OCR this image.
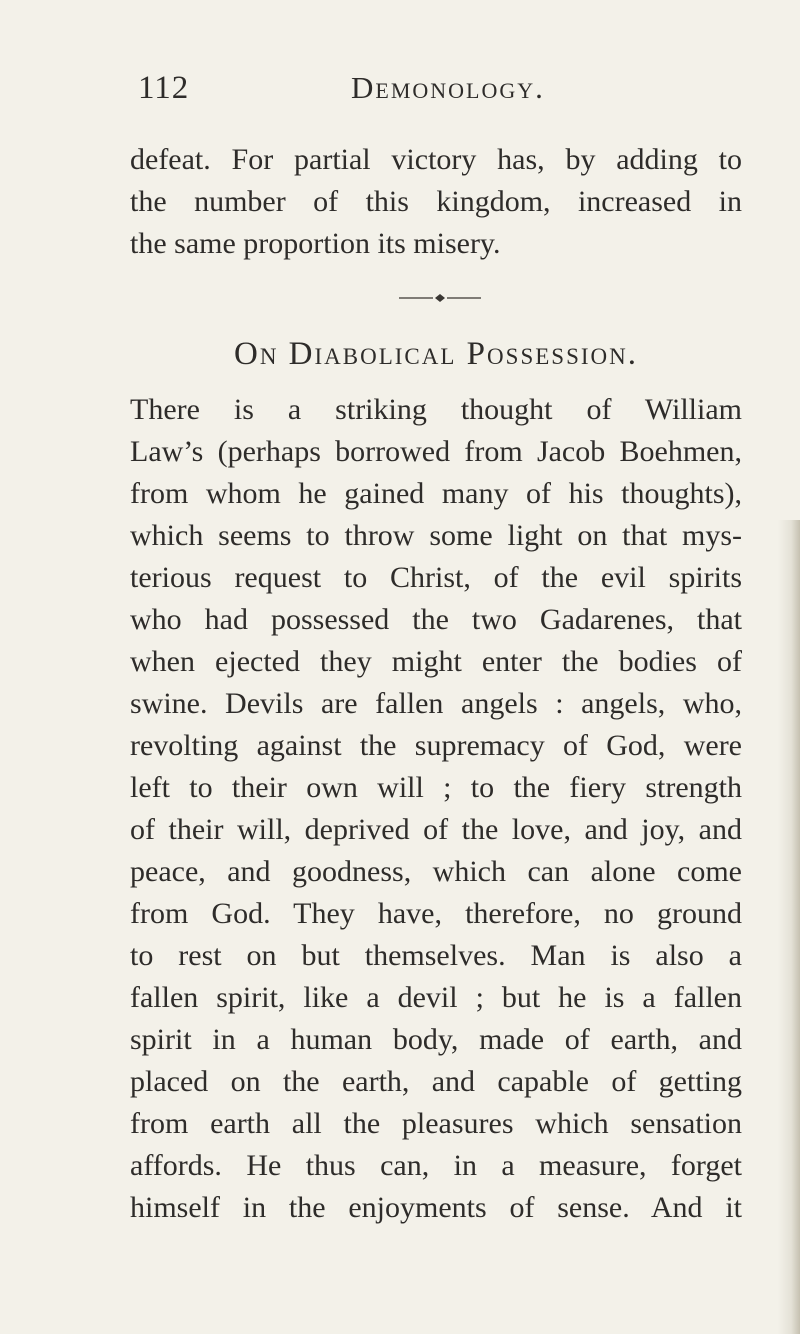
112	Demonology.
defeat. For partial victory has, by adding to
the number of this kingdom, increased in
the same proportion its misery.
On Diabolical Possession.
There is a striking thought of William
Law’s (perhaps borrowed from Jacob Boehmen,
from whom he gained many of his thoughts),
which seems to throw some light on that mys-
terious request to Christ, of the evil spirits
who had possessed the two Gadarenes, that
when ejected they might enter the bodies of
swine. Devils are fallen angels : angels, who,
revolting against the supremacy of God, were
left to their own will ; to the fiery strength
of their will, deprived of the love, and joy, and
peace, and goodness, which can alone come
from God. They have, therefore, no ground
to rest on but themselves. Man is also a
fallen spirit, like a devil ; but he is a fallen
spirit in a human body, made of earth, and
placed on the earth, and capable of getting
from earth all the pleasures which sensation
affords. He thus can, in a measure, forget
himself in the enjoyments of sense. And it
